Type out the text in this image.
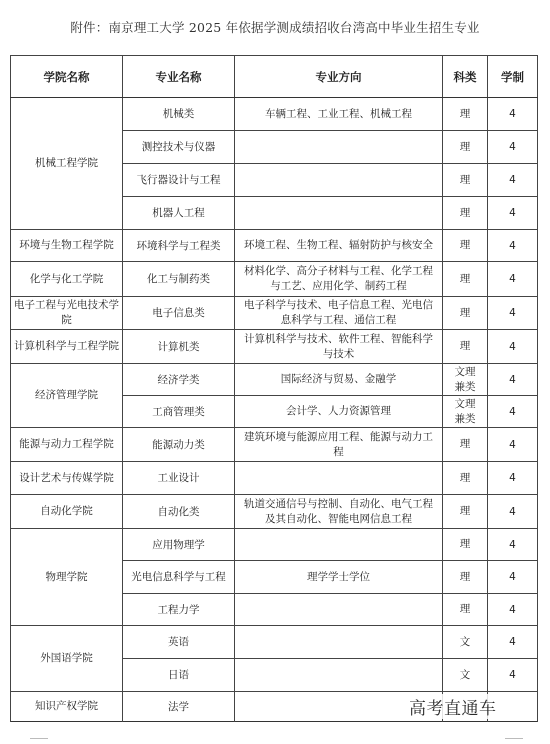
附件：南京理工大学 2025 年依据学测成绩招收台湾高中毕业生招生专业
学院名称	专业名称	专业方向	科类	学制
机械工程学院	机械类	车辆工程、工业工程、机械工程	理	4
	测控技术与仪器		理	4
	飞行器设计与工程		理	4
	机器人工程		理	4
环境与生物工程学院	环境科学与工程类	环境工程、生物工程、辐射防护与核安全	理	4
化学与化工学院	化工与制药类	材料化学、高分子材料与工程、化学工程与工艺、应用化学、制药工程	理	4
电子工程与光电技术学院	电子信息类	电子科学与技术、电子信息工程、光电信息科学与工程、通信工程	理	4
计算机科学与工程学院	计算机类	计算机科学与技术、软件工程、智能科学与技术	理	4
经济管理学院	经济学类	国际经济与贸易、金融学	文理兼类	4
	工商管理类	会计学、人力资源管理	文理兼类	4
能源与动力工程学院	能源动力类	建筑环境与能源应用工程、能源与动力工程	理	4
设计艺术与传媒学院	工业设计		理	4
自动化学院	自动化类	轨道交通信号与控制、自动化、电气工程及其自动化、智能电网信息工程	理	4
物理学院	应用物理学		理	4
	光电信息科学与工程	理学学士学位	理	4
	工程力学		理	4
外国语学院	英语		文	4
	日语		文	4
知识产权学院	法学				高考直通车
